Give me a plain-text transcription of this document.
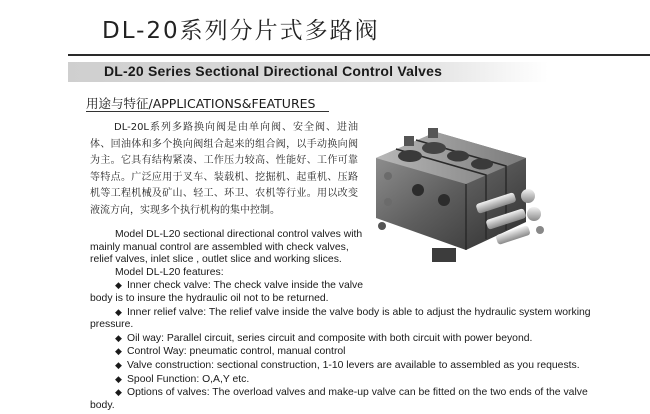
DL-20系列分片式多路阀
DL-20 Series Sectional Directional Control Valves
用途与特征/APPLICATIONS&FEATURES
DL-20L系列多路换向阀是由单向阀、安全阀、进油体、回油体和多个换向阀组合起来的组合阀，以手动换向阀为主。它具有结构紧凑、工作压力较高、性能好、工作可靠等特点。广泛应用于叉车、装载机、挖掘机、起重机、压路机等工程机械及矿山、轻工、环卫、农机等行业。用以改变液流方向，实现多个执行机构的集中控制。
Model DL-L20 sectional directional control valves with
mainly manual control are assembled with check valves,
relief valves, inlet slice , outlet slice and working slices.
Model DL-L20 features:
◆ Inner check valve: The check valve inside the valve
body is to insure the hydraulic oil not to be returned.
◆ Inner relief valve: The relief valve inside the valve body is able to adjust the hydraulic system working
pressure.
◆ Oil way: Parallel circuit, series circuit and composite with both circuit with power beyond.
◆ Control Way: pneumatic control, manual control
◆ Valve construction: sectional construction, 1-10 levers are available to assembled as you requests.
◆ Spool Function: O,A,Y etc.
◆ Options of valves: The overload valves and make-up valve can be fitted on the two ends of the valve
body.
